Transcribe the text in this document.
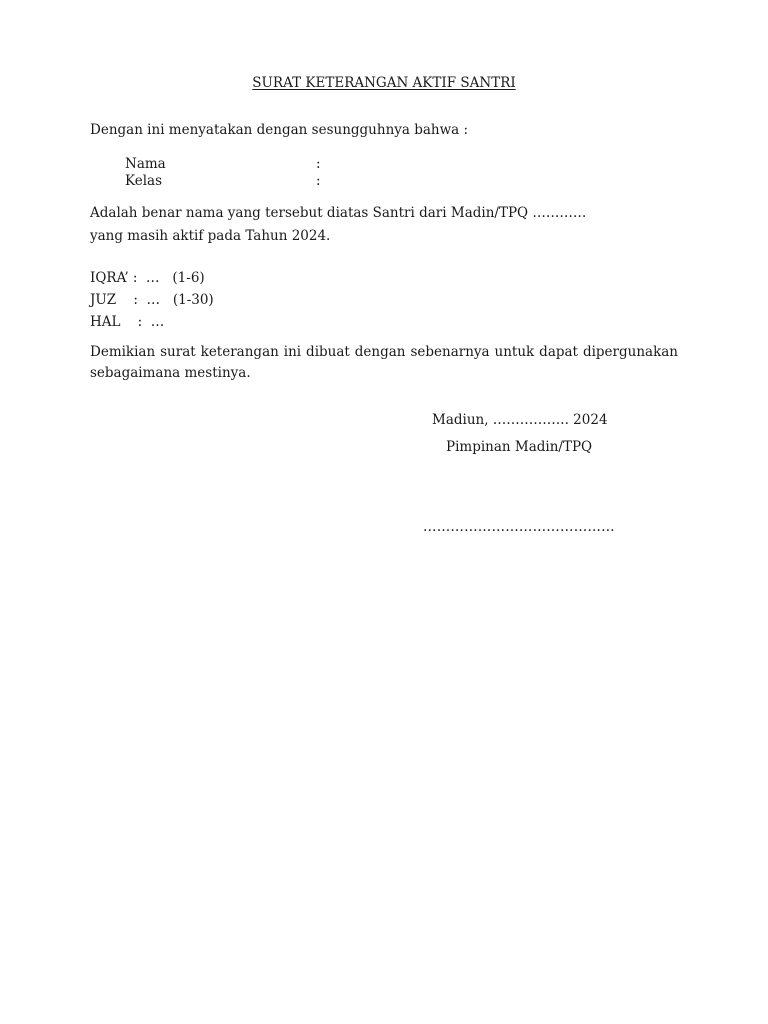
SURAT KETERANGAN AKTIF SANTRI
Dengan ini menyatakan dengan sesungguhnya bahwa :
Nama	:
Kelas	:
Adalah benar nama yang tersebut diatas Santri dari Madin/TPQ …………
yang masih aktif pada Tahun 2024.
IQRA’ :  …   (1-6)
JUZ    :  …   (1-30)
HAL    :  …
Demikian surat keterangan ini dibuat dengan sebenarnya untuk dapat dipergunakan sebagaimana mestinya.
Madiun, …………….. 2024
Pimpinan Madin/TPQ
……………………………………
